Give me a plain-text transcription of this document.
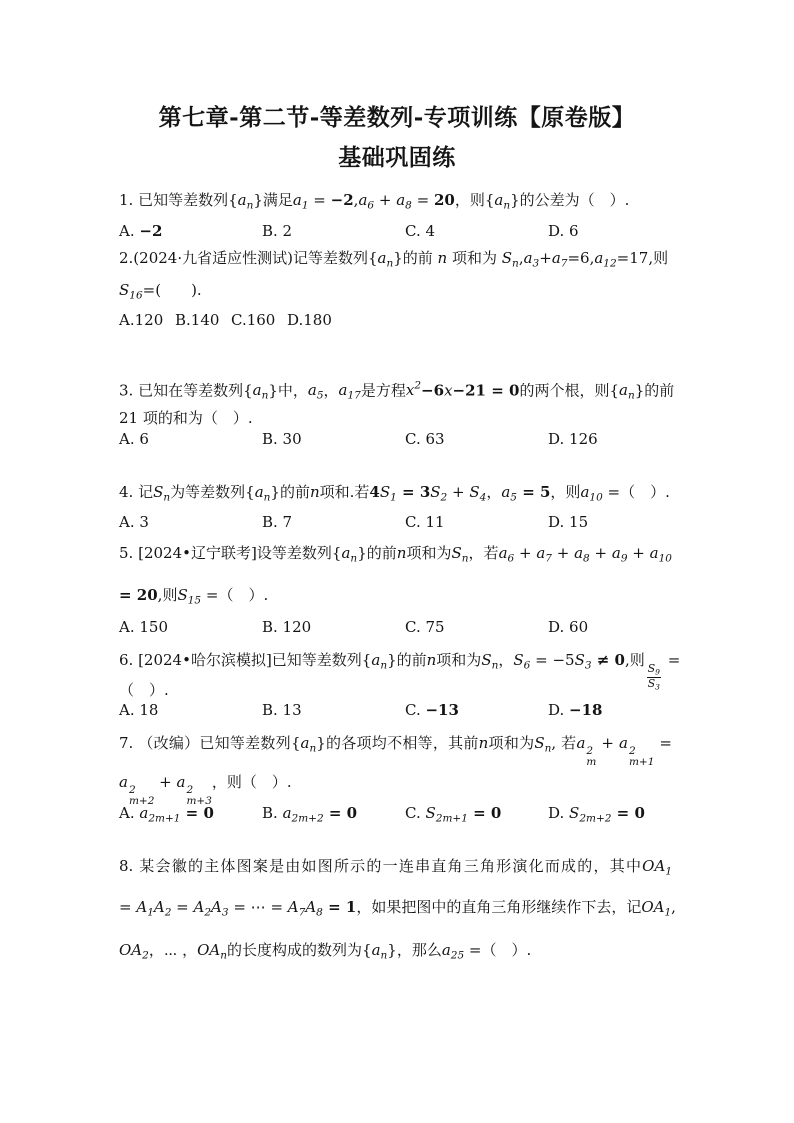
第七章-第二节-等差数列-专项训练【原卷版】
基础巩固练
1. 已知等差数列$\{a_n\}$满足$a_1 = -2,a_6 + a_8 = 20$，则$\{a_n\}$的公差为（　）.
A. −2	B. 2	C. 4	D. 6
2.(2024·九省适应性测试)记等差数列$\{a_n\}$的前 n 项和为 $S_n,a_3+a_7=6,a_{12}=17$,则
$S_{16}=$(　　).
A.120 B.140 C.160 D.180
3. 已知在等差数列$\{a_n\}$中，$a_5$，$a_{17}$是方程$x^2-6x-21 = 0$的两个根，则$\{a_n\}$的前
21 项的和为（　）.
A. 6	B. 30	C. 63	D. 126
4. 记$S_n$为等差数列$\{a_n\}$的前n项和.若$4S_1 = 3S_2 + S_4$，$a_5 = 5$，则$a_{10}$ =（　）.
A. 3	B. 7	C. 11	D. 15
5. [2024•辽宁联考]设等差数列$\{a_n\}$的前n项和为$S_n$，若$a_6 + a_7 + a_8 + a_9 + a_{10}$
= 20,则$S_{15}$ =（　）.
A. 150	B. 120	C. 75	D. 60
6. [2024•哈尔滨模拟]已知等差数列$\{a_n\}$的前n项和为$S_n$，$S_6 = -5S_3 \ne 0$,则
$\frac{S_9}{S_3}$
=
（　）.
A. 18	B. 13	C. −13	D. −18
7. （改编）已知等差数列$\{a_n\}$的各项均不相等，其前n项和为$S_n$, 若a 2
m
+ a 2
m+1
=
a 2
m+2
+ a 2
m+3
，则（　）.
A. $a_{2m+1} = 0$	B. $a_{2m+2} = 0$	C. $S_{2m+1} = 0$	D. $S_{2m+2} = 0$
8. 某会徽的主体图案是由如图所示的一连串直角三角形演化而成的，其中$OA_1$
= $A_1A_2 = A_2A_3$ = ⋯ = $A_7A_8 = 1$，如果把图中的直角三角形继续作下去，记$OA_1$,
$OA_2$，⋯ ，$OA_n$的长度构成的数列为$\{a_n\}$，那么$a_{25}$ =（　）.
